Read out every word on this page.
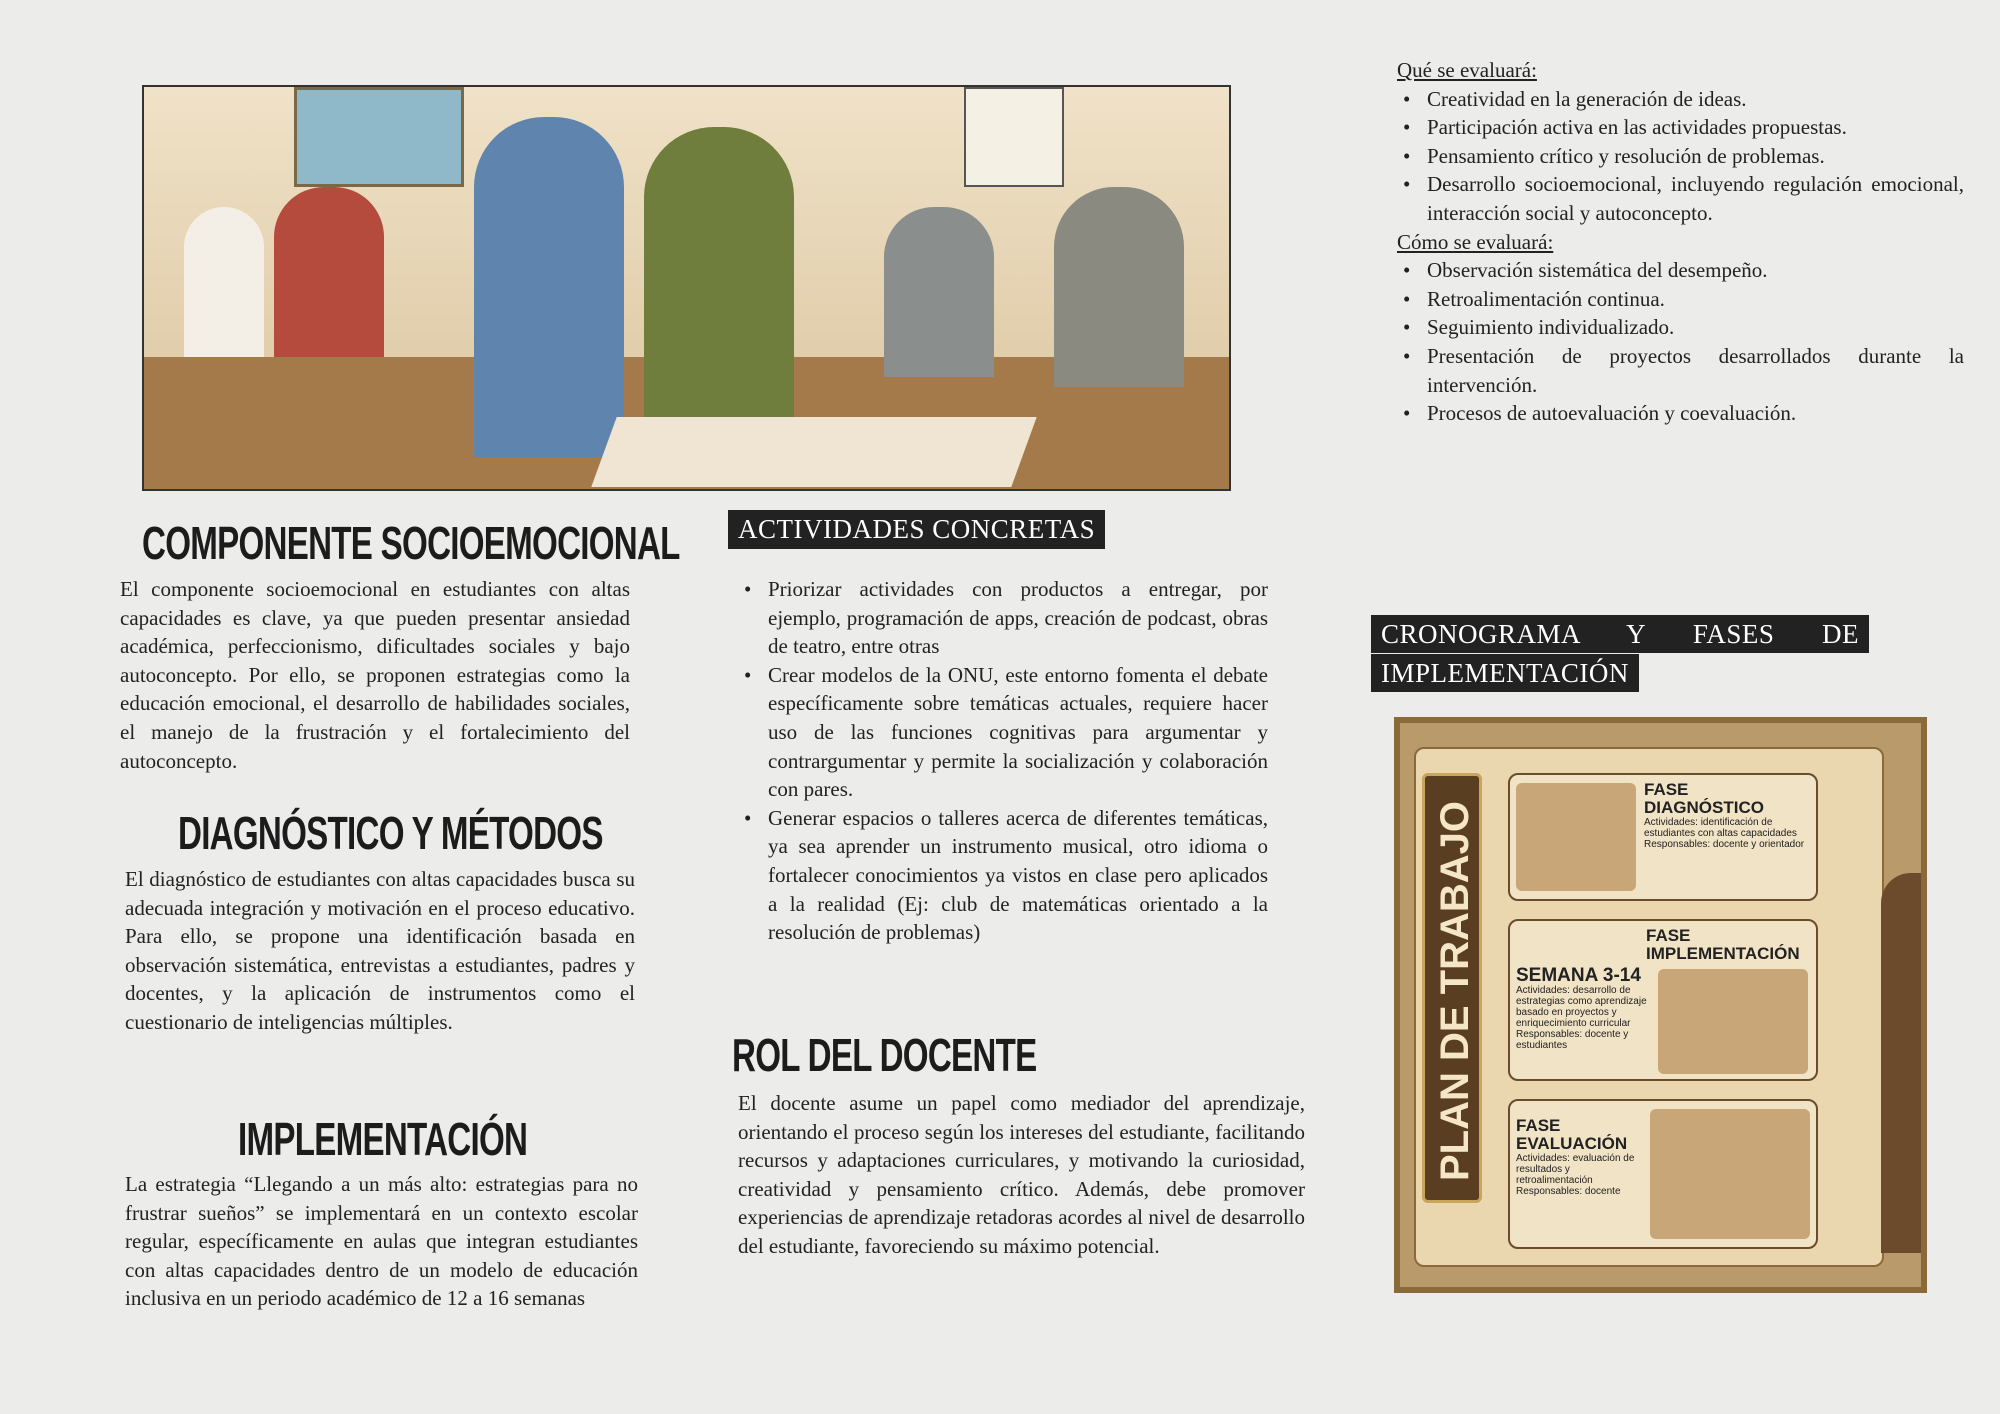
COMPONENTE SOCIOEMOCIONAL
El componente socioemocional en estudiantes con altas capacidades es clave, ya que pueden presentar ansiedad académica, perfeccionismo, dificultades sociales y bajo autoconcepto. Por ello, se proponen estrategias como la educación emocional, el desarrollo de habilidades sociales, el manejo de la frustración y el fortalecimiento del autoconcepto.
DIAGNÓSTICO Y MÉTODOS
El diagnóstico de estudiantes con altas capacidades busca su adecuada integración y motivación en el proceso educativo. Para ello, se propone una identificación basada en observación sistemática, entrevistas a estudiantes, padres y docentes, y la aplicación de instrumentos como el cuestionario de inteligencias múltiples.
IMPLEMENTACIÓN
La estrategia “Llegando a un más alto: estrategias para no frustrar sueños” se implementará en un contexto escolar regular, específicamente en aulas que integran estudiantes con altas capacidades dentro de un modelo de educación inclusiva en un periodo académico de 12 a 16 semanas
ACTIVIDADES CONCRETAS
• Priorizar actividades con productos a entregar, por ejemplo, programación de apps, creación de podcast, obras de teatro, entre otras
• Crear modelos de la ONU, este entorno fomenta el debate específicamente sobre temáticas actuales, requiere hacer uso de las funciones cognitivas para argumentar y contrargumentar y permite la socialización y colaboración con pares.
• Generar espacios o talleres acerca de diferentes temáticas, ya sea aprender un instrumento musical, otro idioma o fortalecer conocimientos ya vistos en clase pero aplicados a la realidad (Ej: club de matemáticas orientado a la resolución de problemas)
ROL DEL DOCENTE
El docente asume un papel como mediador del aprendizaje, orientando el proceso según los intereses del estudiante, facilitando recursos y adaptaciones curriculares, y motivando la curiosidad, creatividad y pensamiento crítico. Además, debe promover experiencias de aprendizaje retadoras acordes al nivel de desarrollo del estudiante, favoreciendo su máximo potencial.
Qué se evaluará:
• Creatividad en la generación de ideas.
• Participación activa en las actividades propuestas.
• Pensamiento crítico y resolución de problemas.
• Desarrollo socioemocional, incluyendo regulación emocional, interacción social y autoconcepto.
Cómo se evaluará:
• Observación sistemática del desempeño.
• Retroalimentación continua.
• Seguimiento individualizado.
• Presentación de proyectos desarrollados durante la intervención.
• Procesos de autoevaluación y coevaluación.
CRONOGRAMA Y FASES DE IMPLEMENTACIÓN
PLAN DE TRABAJO
FASE DIAGNÓSTICO
Actividades: identificación de estudiantes con altas capacidades Responsables: docente y orientador
FASE IMPLEMENTACIÓN
SEMANA 3-14
Actividades: desarrollo de estrategias como aprendizaje basado en proyectos y enriquecimiento curricular Responsables: docente y estudiantes
FASE EVALUACIÓN
Actividades: evaluación de resultados y retroalimentación Responsables: docente
